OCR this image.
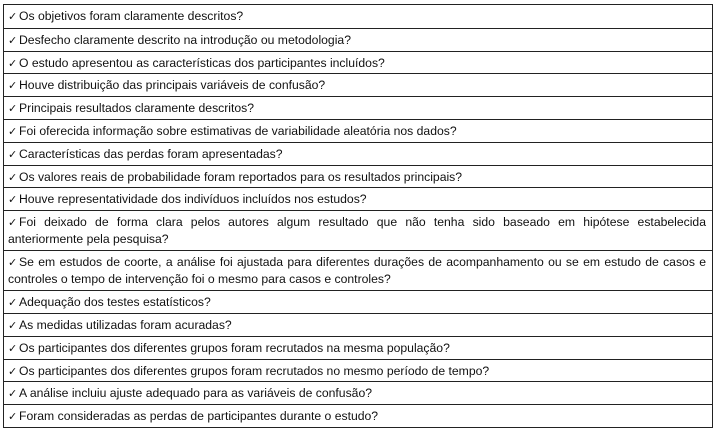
✓ Os objetivos foram claramente descritos?
✓ Desfecho claramente descrito na introdução ou metodologia?
✓ O estudo apresentou as características dos participantes incluídos?
✓ Houve distribuição das principais variáveis de confusão?
✓ Principais resultados claramente descritos?
✓ Foi oferecida informação sobre estimativas de variabilidade aleatória nos dados?
✓ Características das perdas foram apresentadas?
✓ Os valores reais de probabilidade foram reportados para os resultados principais?
✓ Houve representatividade dos indivíduos incluídos nos estudos?
✓ Foi deixado de forma clara pelos autores algum resultado que não tenha sido baseado em hipótese estabelecida anteriormente pela pesquisa?
✓ Se em estudos de coorte, a análise foi ajustada para diferentes durações de acompanhamento ou se em estudo de casos e controles o tempo de intervenção foi o mesmo para casos e controles?
✓ Adequação dos testes estatísticos?
✓ As medidas utilizadas foram acuradas?
✓ Os participantes dos diferentes grupos foram recrutados na mesma população?
✓ Os participantes dos diferentes grupos foram recrutados no mesmo período de tempo?
✓ A análise incluiu ajuste adequado para as variáveis de confusão?
✓ Foram consideradas as perdas de participantes durante o estudo?
